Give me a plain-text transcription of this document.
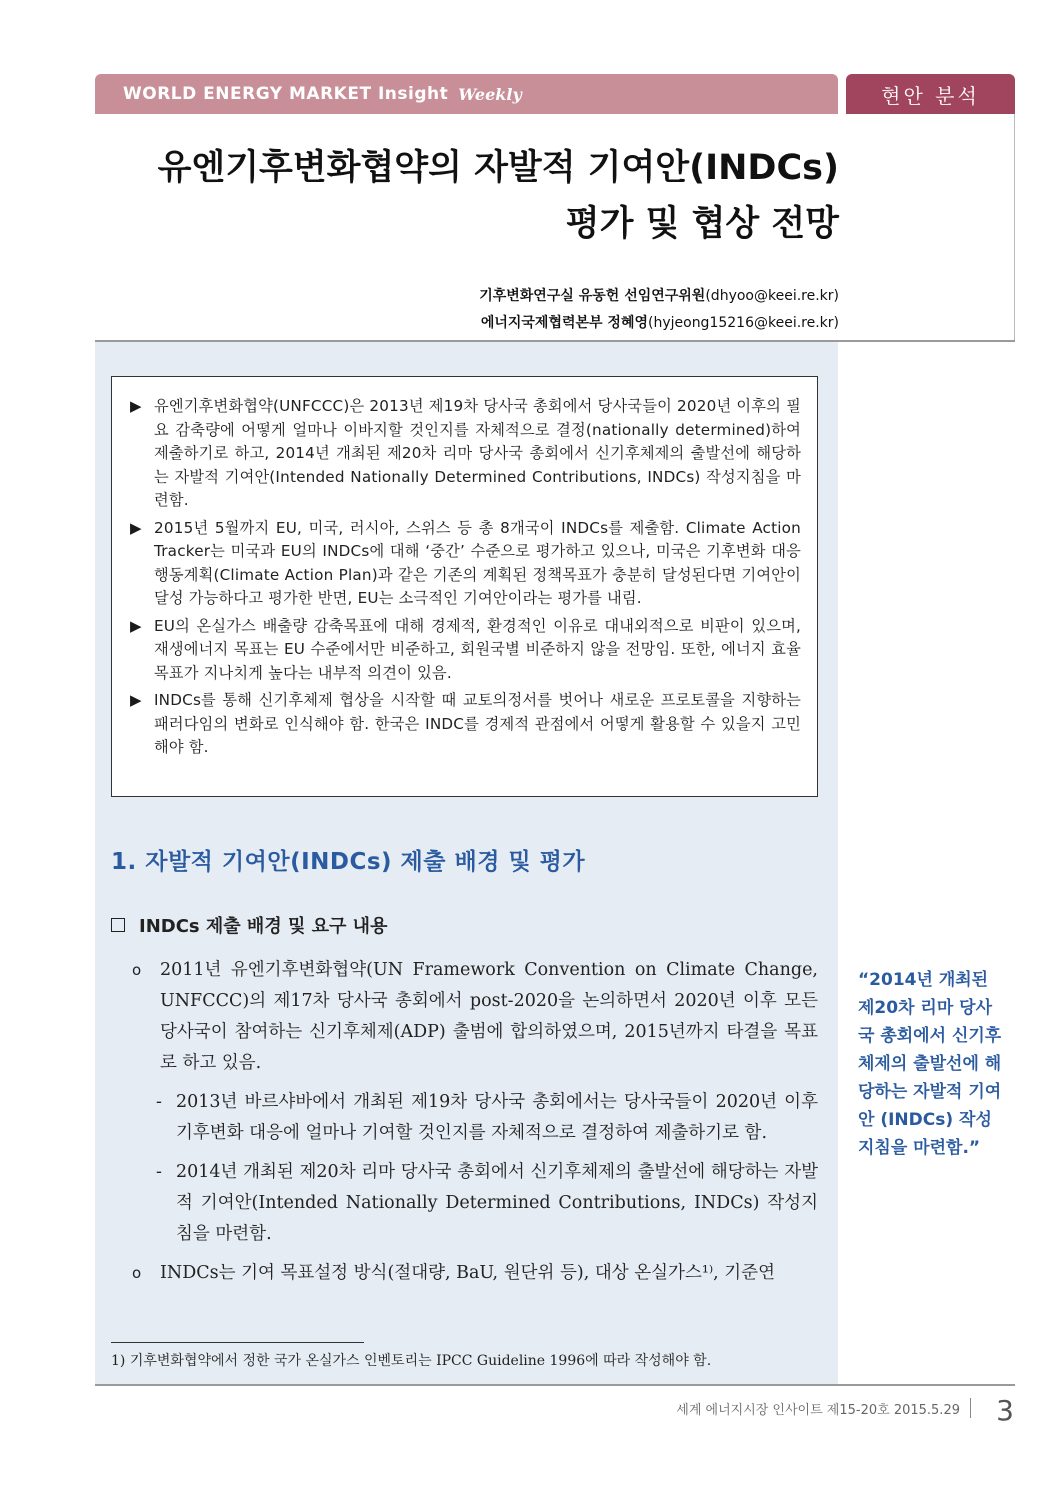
WORLD ENERGY MARKET Insight Weekly	현안 분석
유엔기후변화협약의 자발적 기여안(INDCs)
평가 및 협상 전망
기후변화연구실 유동헌 선임연구위원(dhyoo@keei.re.kr)
에너지국제협력본부 정혜영(hyjeong15216@keei.re.kr)
▶ 유엔기후변화협약(UNFCCC)은 2013년 제19차 당사국 총회에서 당사국들이 2020년 이후의 필요 감축량에 어떻게 얼마나 이바지할 것인지를 자체적으로 결정(nationally determined)하여 제출하기로 하고, 2014년 개최된 제20차 리마 당사국 총회에서 신기후체제의 출발선에 해당하는 자발적 기여안(Intended Nationally Determined Contributions, INDCs) 작성지침을 마련함.
▶ 2015년 5월까지 EU, 미국, 러시아, 스위스 등 총 8개국이 INDCs를 제출함. Climate Action Tracker는 미국과 EU의 INDCs에 대해 ‘중간’ 수준으로 평가하고 있으나, 미국은 기후변화 대응 행동계획(Climate Action Plan)과 같은 기존의 계획된 정책목표가 충분히 달성된다면 기여안이 달성 가능하다고 평가한 반면, EU는 소극적인 기여안이라는 평가를 내림.
▶ EU의 온실가스 배출량 감축목표에 대해 경제적, 환경적인 이유로 대내외적으로 비판이 있으며, 재생에너지 목표는 EU 수준에서만 비준하고, 회원국별 비준하지 않을 전망임. 또한, 에너지 효율 목표가 지나치게 높다는 내부적 의견이 있음.
▶ INDCs를 통해 신기후체제 협상을 시작할 때 교토의정서를 벗어나 새로운 프로토콜을 지향하는 패러다임의 변화로 인식해야 함. 한국은 INDC를 경제적 관점에서 어떻게 활용할 수 있을지 고민해야 함.
1. 자발적 기여안(INDCs) 제출 배경 및 평가
INDCs 제출 배경 및 요구 내용
o	2011년 유엔기후변화협약(UN Framework Convention on Climate Change, UNFCCC)의 제17차 당사국 총회에서 post-2020을 논의하면서 2020년 이후 모든 당사국이 참여하는 신기후체제(ADP) 출범에 합의하였으며, 2015년까지 타결을 목표로 하고 있음.
- 2013년 바르샤바에서 개최된 제19차 당사국 총회에서는 당사국들이 2020년 이후 기후변화 대응에 얼마나 기여할 것인지를 자체적으로 결정하여 제출하기로 함.
- 2014년 개최된 제20차 리마 당사국 총회에서 신기후체제의 출발선에 해당하는 자발적 기여안(Intended Nationally Determined Contributions, INDCs) 작성지침을 마련함.
o	INDCs는 기여 목표설정 방식(절대량, BaU, 원단위 등), 대상 온실가스¹⁾, 기준연
1) 기후변화협약에서 정한 국가 온실가스 인벤토리는 IPCC Guideline 1996에 따라 작성해야 함.
“2014년 개최된 제20차 리마 당사국 총회에서 신기후체제의 출발선에 해당하는 자발적 기여안 (INDCs) 작성지침을 마련함.”
세계 에너지시장 인사이트 제15-20호 2015.5.29 3
